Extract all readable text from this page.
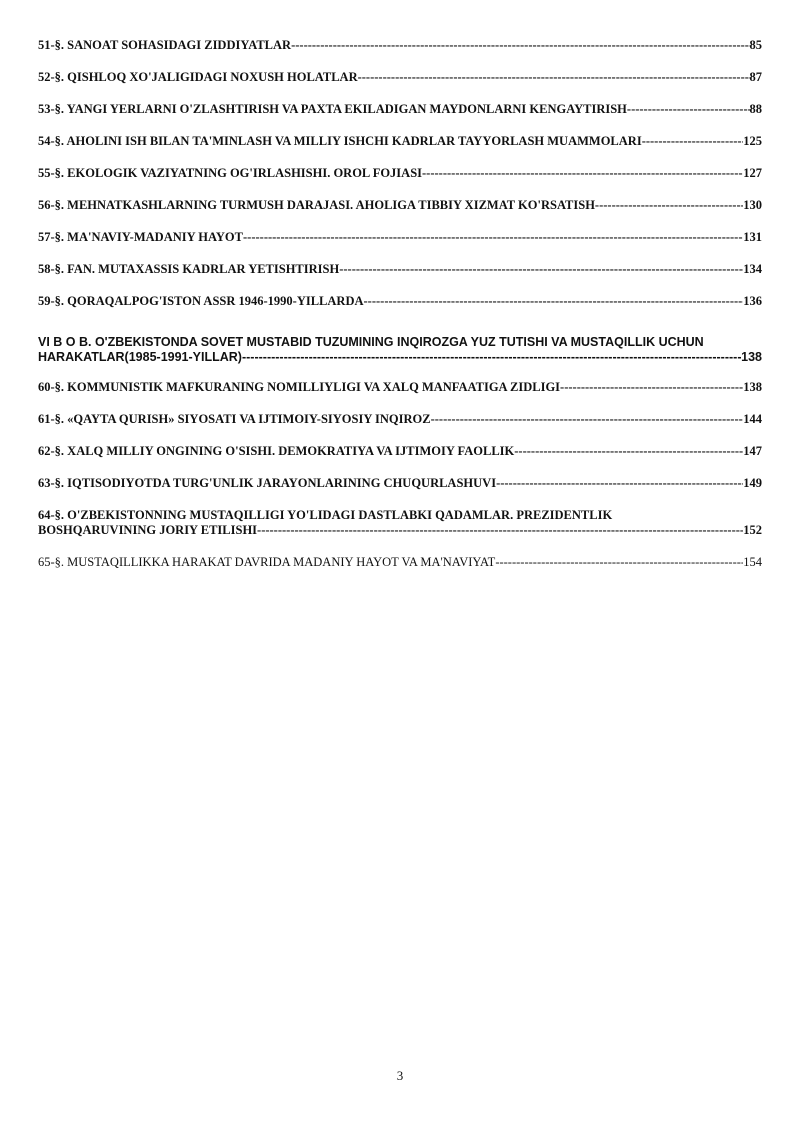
51-§. SANOAT SOHASIDAGI ZIDDIYATLAR -----	85
52-§. QISHLOQ XO'JALIGIDAGI NOXUSH HOLATLAR -----	87
53-§. YANGI YERLARNI O'ZLASHTIRISH VA PAXTA EKILADIGAN MAYDONLARNI KENGAYTIRISH -----	88
54-§. AHOLINI ISH BILAN TA'MINLASH VA MILLIY ISHCHI KADRLAR TAYYORLASH MUAMMOLARI -----	125
55-§. EKOLOGIK VAZIYATNING OG'IRLASHISHI. OROL FOJIASI -----	127
56-§. MEHNATKASHLARNING TURMUSH DARAJASI. AHOLIGA TIBBIY XIZMAT KO'RSATISH -----	130
57-§. MA'NAVIY-MADANIY HAYOT -----	131
58-§. FAN. MUTAXASSIS KADRLAR YETISHTIRISH -----	134
59-§. QORAQALPOG'ISTON ASSR 1946-1990-YILLARDA -----	136
VI B O B. O'ZBEKISTONDA SOVET MUSTABID TUZUMINING INQIROZGA YUZ TUTISHI VA MUSTAQILLIK UCHUN
HARAKATLAR(1985-1991-YILLAR) -----	138
60-§. KOMMUNISTIK MAFKURANING NOMILLIYLIGI VA XALQ MANFAATIGA ZIDLIGI -----	138
61-§. «QAYTA QURISH» SIYOSATI VA IJTIMOIY-SIYOSIY INQIROZ -----	144
62-§. XALQ MILLIY ONGINING O'SISHI. DEMOKRATIYA VA IJTIMOIY FAOLLIK -----	147
63-§. IQTISODIYOTDA TURG'UNLIK JARAYONLARINING CHUQURLASHUVI -----	149
64-§. O'ZBEKISTONNING MUSTAQILLIGI YO'LIDAGI DASTLABKI QADAMLAR. PREZIDENTLIK
BOSHQARUVINING JORIY ETILISHI -----	152
65-§. MUSTAQILLIKKA HARAKAT DAVRIDA MADANIY HAYOT VA MA'NAVIYAT -----	154
3
